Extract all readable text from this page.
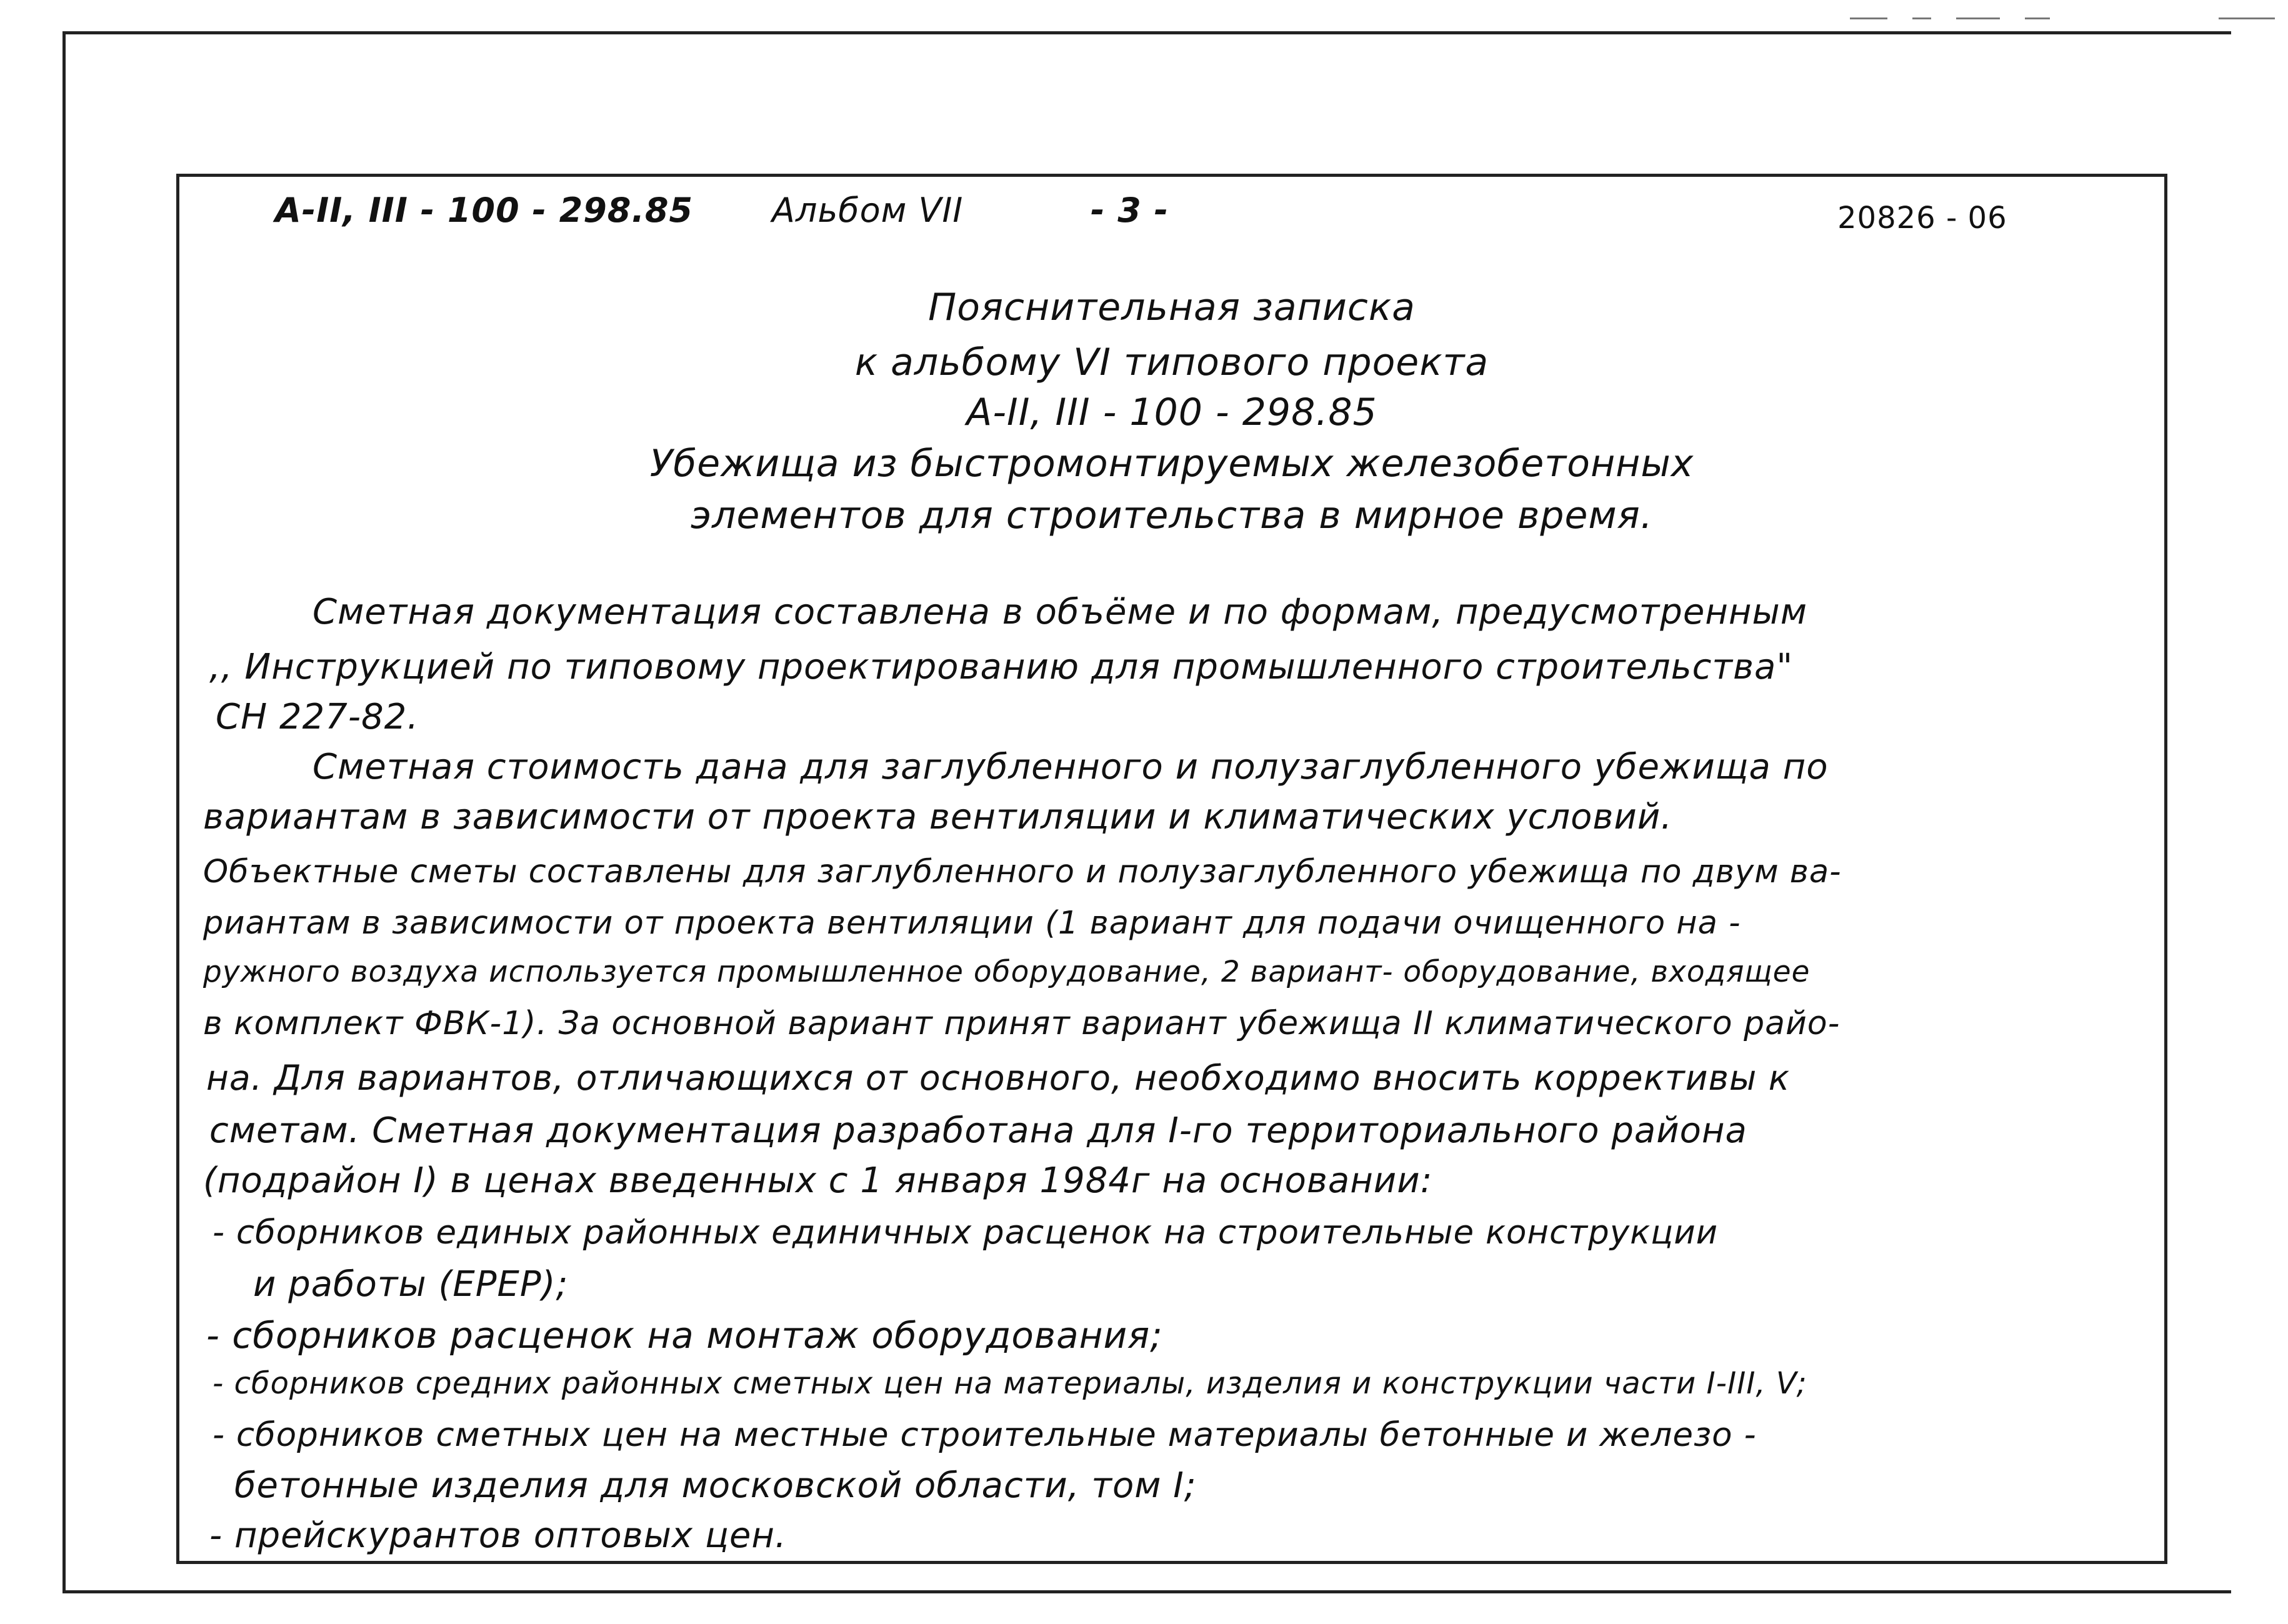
А-II, III - 100 - 298.85 Альбом VII	- 3 -	20826 - 06
Пояснительная записка
к альбому VI типового проекта
А-II, III - 100 - 298.85
Убежища из быстромонтируемых железобетонных
элементов для строительства в мирное время.
Сметная документация составлена в объёме и по формам, предусмотренным
,, Инструкцией по типовому проектированию для промышленного строительства"
СН 227-82.
Сметная стоимость дана для заглубленного и полузаглубленного убежища по
вариантам в зависимости от проекта вентиляции и климатических условий.
Объектные сметы составлены для заглубленного и полузаглубленного убежища по двум ва-
риантам в зависимости от проекта вентиляции (1 вариант для подачи очищенного на -
ружного воздуха используется промышленное оборудование, 2 вариант- оборудование, входящее
в комплект ФВК-1). За основной вариант принят вариант убежища II климатического райо-
на. Для вариантов, отличающихся от основного, необходимо вносить коррективы к
сметам. Сметная документация разработана для I-го территориального района
(подрайон I) в ценах введенных с 1 января 1984г на основании:
- сборников единых районных единичных расценок на строительные конструкции
и работы (ЕРЕР);
- сборников расценок на монтаж оборудования;
- сборников средних районных сметных цен на материалы, изделия и конструкции части I-III, V;
- сборников сметных цен на местные строительные материалы бетонные и железо -
бетонные изделия для московской области, том I;
- прейскурантов оптовых цен.
